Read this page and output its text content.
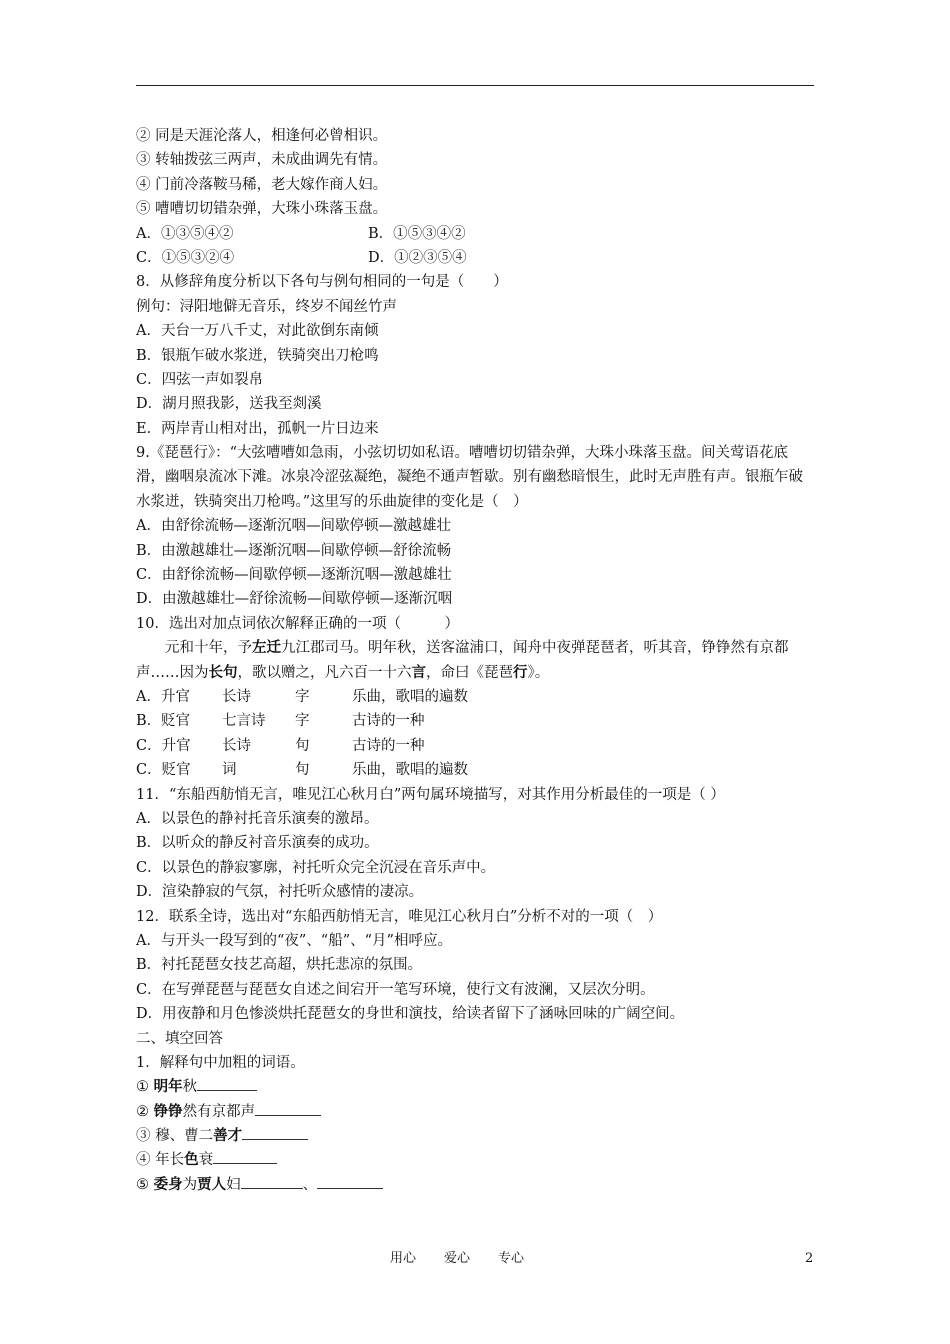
② 同是天涯沦落人，相逢何必曾相识。
③ 转轴拨弦三两声，未成曲调先有情。
④ 门前冷落鞍马稀，老大嫁作商人妇。
⑤ 嘈嘈切切错杂弹，大珠小珠落玉盘。
A．①③⑤④②	B．①⑤③④②
C．①⑤③②④	D．①②③⑤④
8．从修辞角度分析以下各句与例句相同的一句是（　　）
例句：浔阳地僻无音乐，终岁不闻丝竹声
A．天台一万八千丈，对此欲倒东南倾
B．银瓶乍破水浆迸，铁骑突出刀枪鸣
C．四弦一声如裂帛
D．湖月照我影，送我至剡溪
E．两岸青山相对出，孤帆一片日边来
9.《琵琶行》：“大弦嘈嘈如急雨，小弦切切如私语。嘈嘈切切错杂弹，大珠小珠落玉盘。间关莺语花底滑，幽咽泉流冰下滩。冰泉冷涩弦凝绝，凝绝不通声暂歇。别有幽愁暗恨生，此时无声胜有声。银瓶乍破水浆迸，铁骑突出刀枪鸣。”这里写的乐曲旋律的变化是（　）
A．由舒徐流畅—逐渐沉咽—间歇停顿—激越雄壮
B．由激越雄壮—逐渐沉咽—间歇停顿—舒徐流畅
C．由舒徐流畅—间歇停顿—逐渐沉咽—激越雄壮
D．由激越雄壮—舒徐流畅—间歇停顿—逐渐沉咽
10．选出对加点词依次解释正确的一项（　　　）
元和十年，予左迁九江郡司马。明年秋，送客湓浦口，闻舟中夜弹琵琶者，听其音，铮铮然有京都声……因为长句，歌以赠之，凡六百一十六言，命曰《琵琶行》。
A．升官 长诗	字	乐曲，歌唱的遍数
B．贬官 七言诗 字	古诗的一种
C．升官 长诗	句	古诗的一种
C．贬官 词	句	乐曲，歌唱的遍数
11．“东船西舫悄无言，唯见江心秋月白”两句属环境描写，对其作用分析最佳的一项是（ ）
A．以景色的静衬托音乐演奏的激昂。
B．以听众的静反衬音乐演奏的成功。
C．以景色的静寂寥廓，衬托听众完全沉浸在音乐声中。
D．渲染静寂的气氛，衬托听众感情的凄凉。
12．联系全诗，选出对“东船西舫悄无言，唯见江心秋月白”分析不对的一项（　）
A．与开头一段写到的“夜”、“船”、“月”相呼应。
B．衬托琵琶女技艺高超，烘托悲凉的氛围。
C．在写弹琵琶与琵琶女自述之间宕开一笔写环境，使行文有波澜，又层次分明。
D．用夜静和月色惨淡烘托琵琶女的身世和演技，给读者留下了涵咏回味的广阔空间。
二、填空回答
1．解释句中加粗的词语。
① 明年秋
② 铮铮然有京都声
③ 穆、曹二善才
④ 年长色衰
⑤ 委身为贾人妇	、
用心 爱心 专心	2
